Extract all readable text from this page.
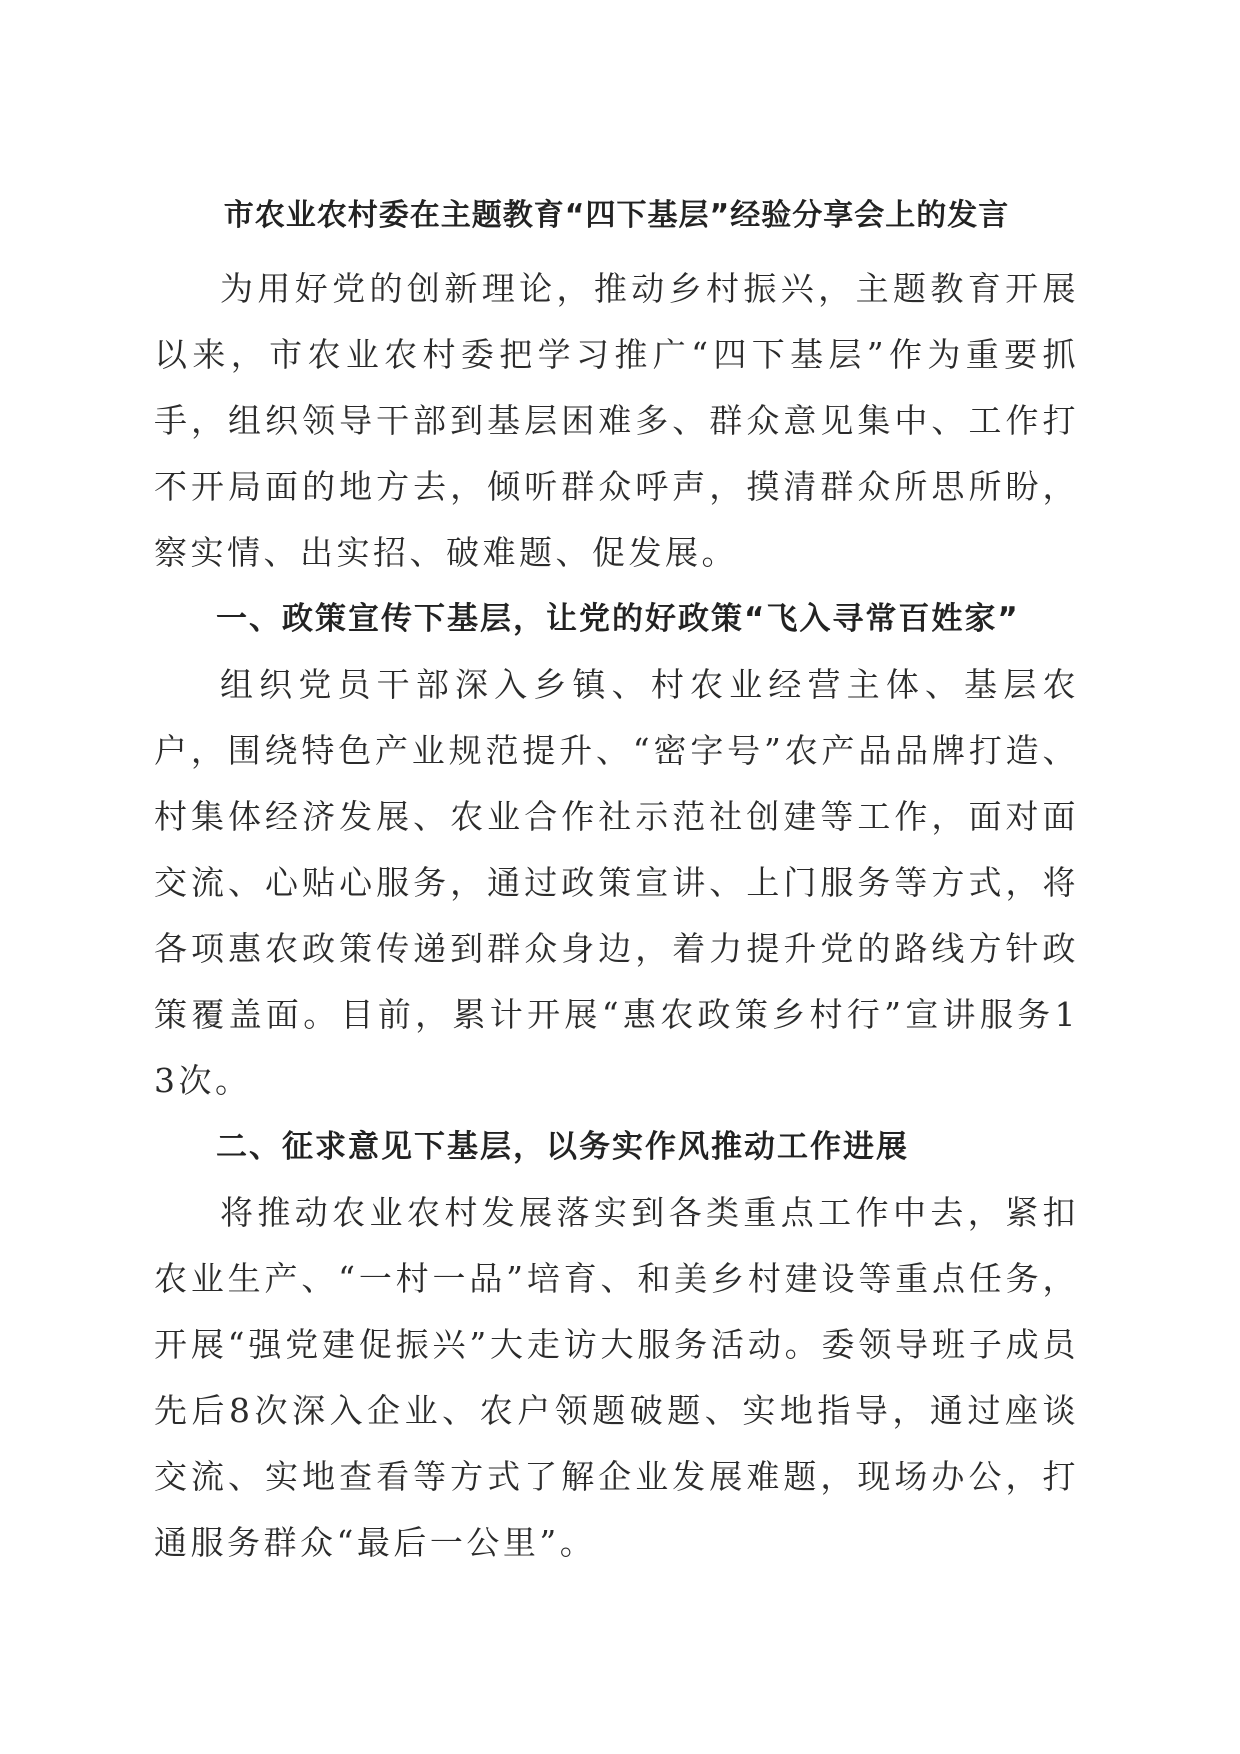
市农业农村委在主题教育“四下基层”经验分享会上的发言

为用好党的创新理论，推动乡村振兴，主题教育开展以来，市农业农村委把学习推广“四下基层”作为重要抓手，组织领导干部到基层困难多、群众意见集中、工作打不开局面的地方去，倾听群众呼声，摸清群众所思所盼，察实情、出实招、破难题、促发展。

一、政策宣传下基层，让党的好政策“飞入寻常百姓家”

组织党员干部深入乡镇、村农业经营主体、基层农户，围绕特色产业规范提升、“密字号”农产品品牌打造、村集体经济发展、农业合作社示范社创建等工作，面对面交流、心贴心服务，通过政策宣讲、上门服务等方式，将各项惠农政策传递到群众身边，着力提升党的路线方针政策覆盖面。目前，累计开展“惠农政策乡村行”宣讲服务13次。

二、征求意见下基层，以务实作风推动工作进展

将推动农业农村发展落实到各类重点工作中去，紧扣农业生产、“一村一品”培育、和美乡村建设等重点任务，开展“强党建促振兴”大走访大服务活动。委领导班子成员先后8次深入企业、农户领题破题、实地指导，通过座谈交流、实地查看等方式了解企业发展难题，现场办公，打通服务群众“最后一公里”。
